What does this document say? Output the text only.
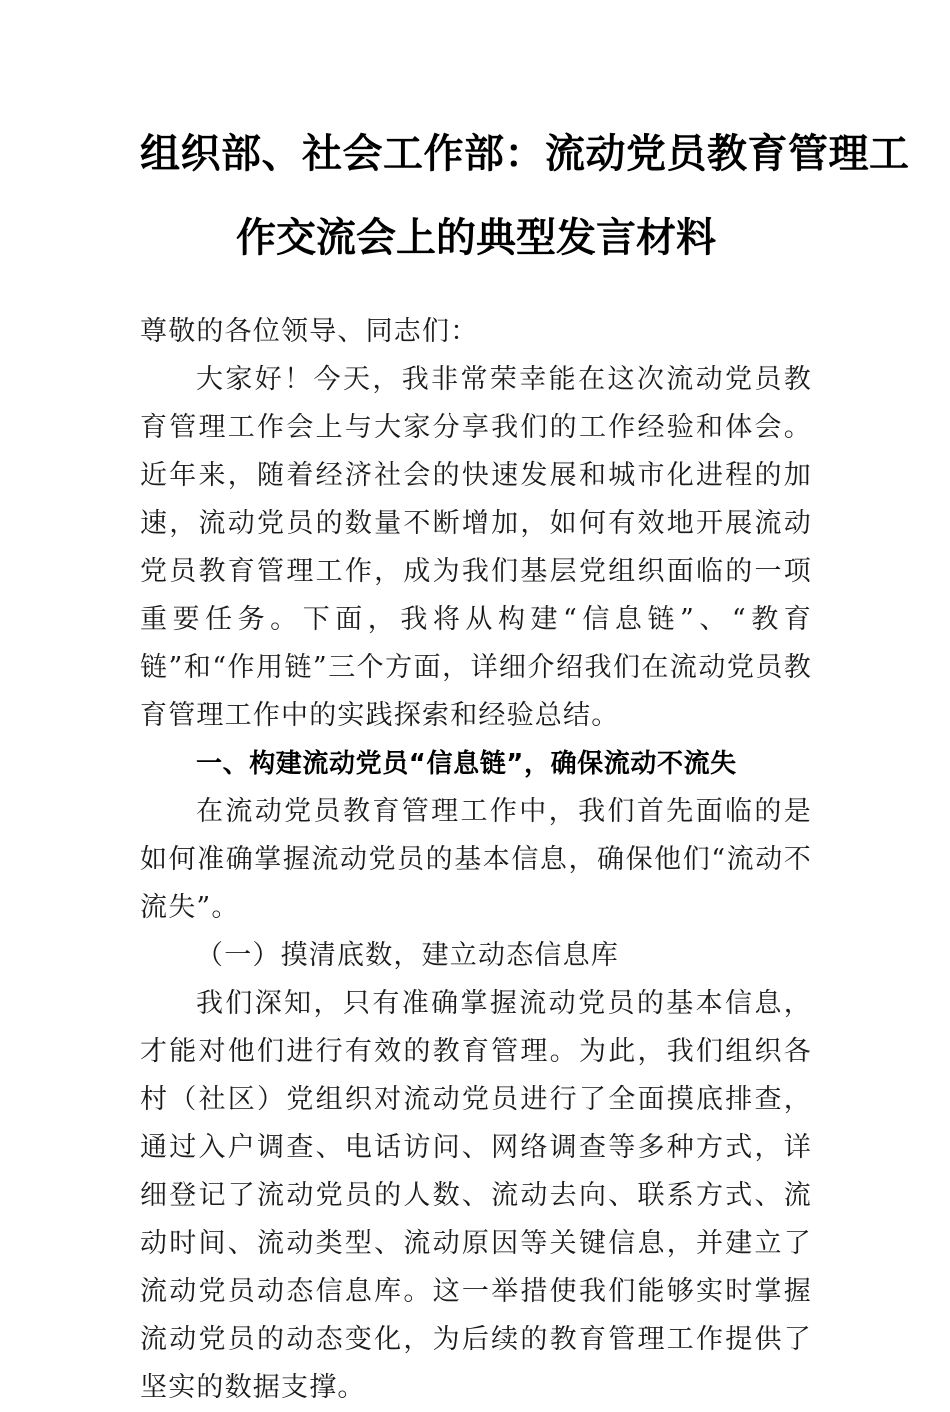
组织部、社会工作部：流动党员教育管理工
作交流会上的典型发言材料

尊敬的各位领导、同志们：

大家好！今天，我非常荣幸能在这次流动党员教育管理工作会上与大家分享我们的工作经验和体会。近年来，随着经济社会的快速发展和城市化进程的加速，流动党员的数量不断增加，如何有效地开展流动党员教育管理工作，成为我们基层党组织面临的一项重要任务。下面，我将从构建“信息链”、“教育链”和“作用链”三个方面，详细介绍我们在流动党员教育管理工作中的实践探索和经验总结。

一、构建流动党员“信息链”，确保流动不流失

在流动党员教育管理工作中，我们首先面临的是如何准确掌握流动党员的基本信息，确保他们“流动不流失”。

（一）摸清底数，建立动态信息库

我们深知，只有准确掌握流动党员的基本信息，才能对他们进行有效的教育管理。为此，我们组织各村（社区）党组织对流动党员进行了全面摸底排查，通过入户调查、电话访问、网络调查等多种方式，详细登记了流动党员的人数、流动去向、联系方式、流动时间、流动类型、流动原因等关键信息，并建立了流动党员动态信息库。这一举措使我们能够实时掌握流动党员的动态变化，为后续的教育管理工作提供了坚实的数据支撑。
